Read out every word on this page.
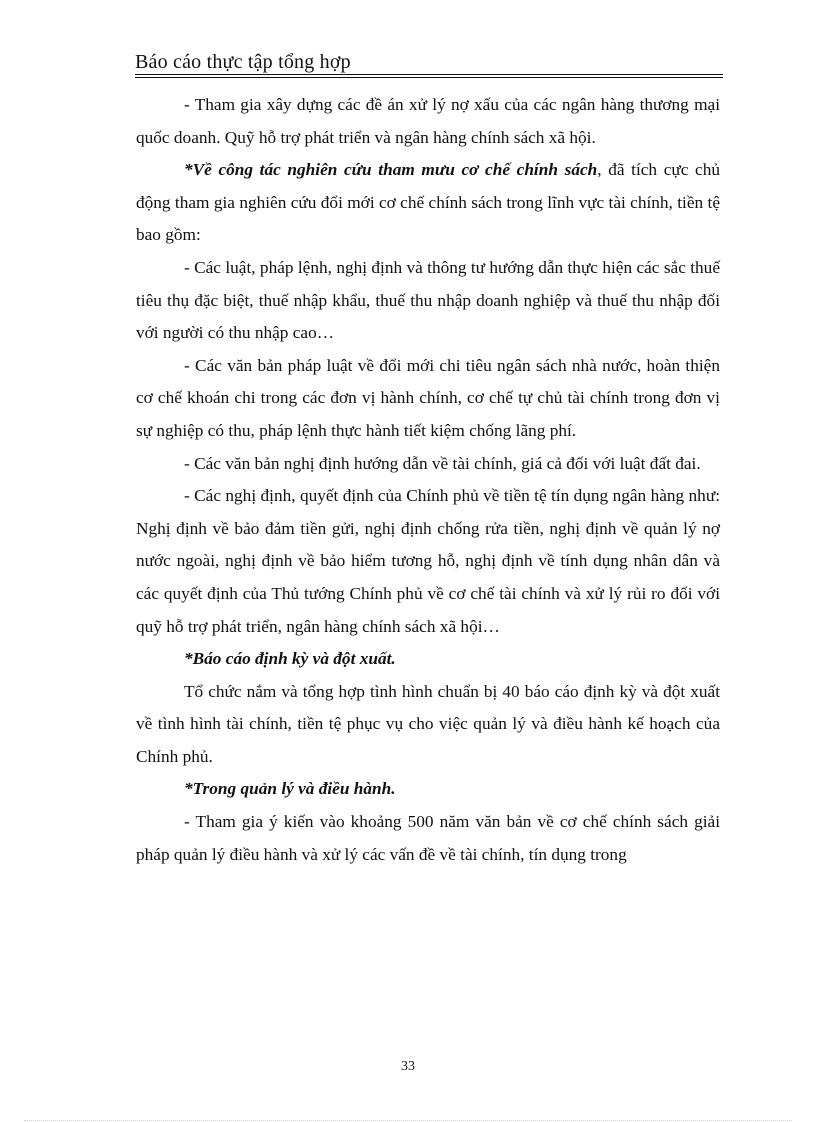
Báo cáo thực tập tổng hợp

- Tham gia xây dựng các đề án xử lý nợ xấu của các ngân hàng thương mại quốc doanh. Quỹ hỗ trợ phát triển và ngân hàng chính sách xã hội.

*Về công tác nghiên cứu tham mưu cơ chế chính sách, đã tích cực chủ động tham gia nghiên cứu đổi mới cơ chế chính sách trong lĩnh vực tài chính, tiền tệ bao gồm:

- Các luật, pháp lệnh, nghị định và thông tư hướng dẫn thực hiện các sắc thuế tiêu thụ đặc biệt, thuế nhập khẩu, thuế thu nhập doanh nghiệp và thuế thu nhập đối với người có thu nhập cao…

- Các văn bản pháp luật về đổi mới chi tiêu ngân sách nhà nước, hoàn thiện cơ chế khoán chi trong các đơn vị hành chính, cơ chế tự chủ tài chính trong đơn vị sự nghiệp có thu, pháp lệnh thực hành tiết kiệm chống lãng phí.

- Các văn bản nghị định hướng dẫn về tài chính, giá cả đối với luật đất đai.

- Các nghị định, quyết định của Chính phủ về tiền tệ tín dụng ngân hàng như: Nghị định về bảo đảm tiền gửi, nghị định chống rửa tiền, nghị định về quản lý nợ nước ngoài, nghị định về bảo hiểm tương hỗ, nghị định về tính dụng nhân dân và các quyết định của Thủ tướng Chính phủ về cơ chế tài chính và xử lý rủi ro đối với quỹ hỗ trợ phát triển, ngân hàng chính sách xã hội…

*Báo cáo định kỳ và đột xuất.

Tổ chức nắm và tổng hợp tình hình chuẩn bị 40 báo cáo định kỳ và đột xuất về tình hình tài chính, tiền tệ phục vụ cho việc quản lý và điều hành kế hoạch của Chính phủ.

*Trong quản lý và điều hành.

- Tham gia ý kiến vào khoảng 500 năm văn bản về cơ chế chính sách giải pháp quản lý điều hành và xử lý các vấn đề về tài chính, tín dụng trong

33
